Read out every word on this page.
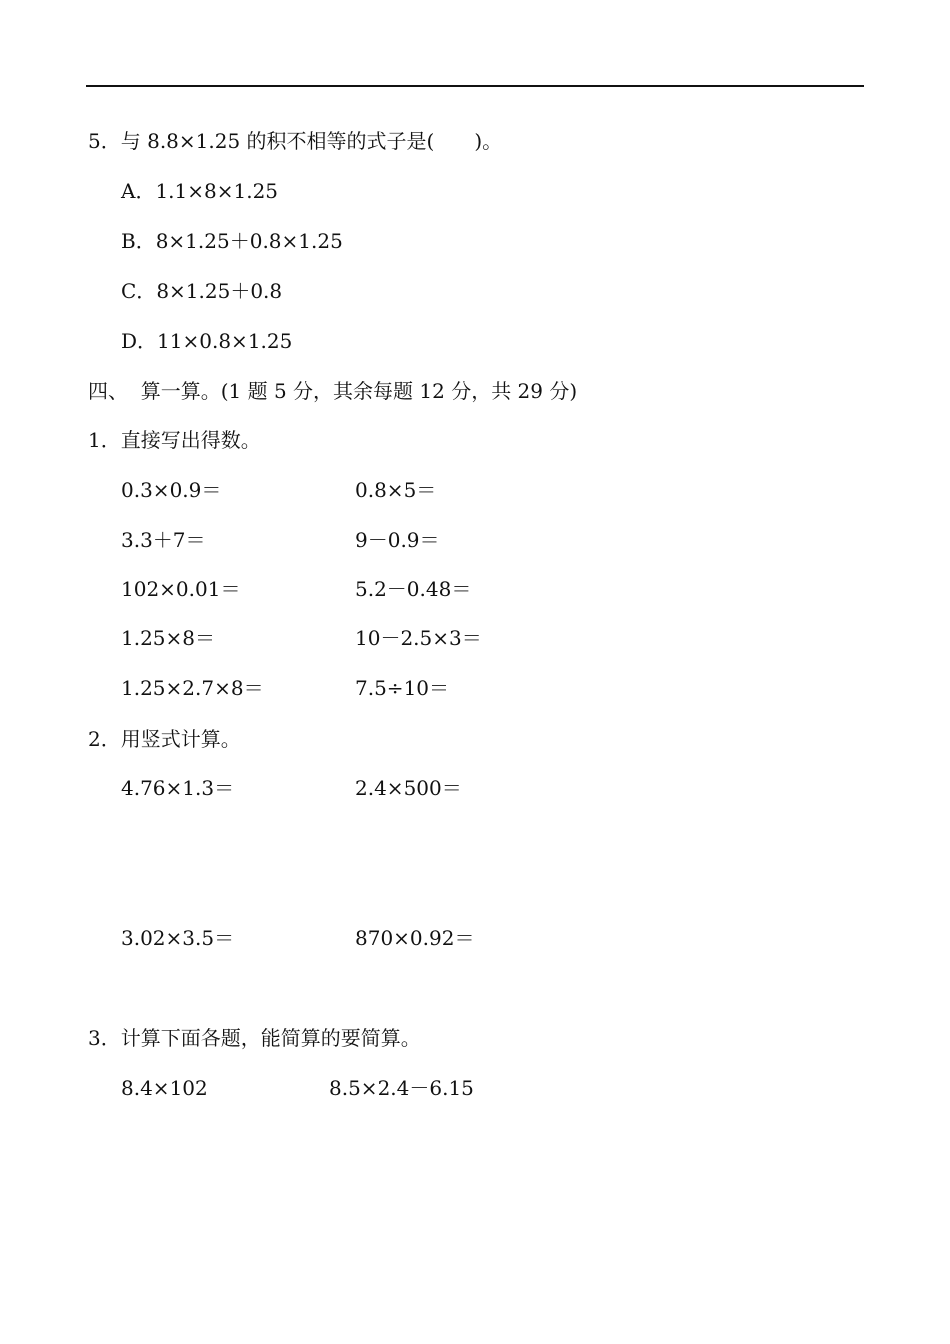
5．与 8.8×1.25 的积不相等的式子是( )。
A．1.1×8×1.25
B．8×1.25＋0.8×1.25
C．8×1.25＋0.8
D．11×0.8×1.25
四、  算一算。(1 题 5 分，其余每题 12 分，共 29 分)
1．直接写出得数。
0.3×0.9＝	0.8×5＝
3.3＋7＝	9－0.9＝
102×0.01＝	5.2－0.48＝
1.25×8＝	10－2.5×3＝
1.25×2.7×8＝	7.5÷10＝
2．用竖式计算。
4.76×1.3＝	2.4×500＝
3.02×3.5＝	870×0.92＝
3．计算下面各题，能简算的要简算。
8.4×102	8.5×2.4－6.15
